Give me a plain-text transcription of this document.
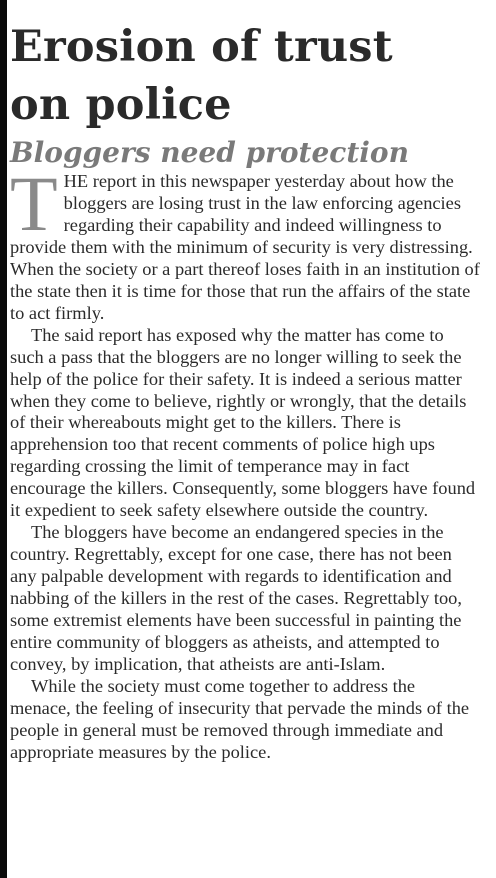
Erosion of trust
on police
Bloggers need protection

THE report in this newspaper yesterday about how the bloggers are losing trust in the law enforcing agencies regarding their capability and indeed willingness to provide them with the minimum of security is very distressing. When the society or a part thereof loses faith in an institution of the state then it is time for those that run the affairs of the state to act firmly.

The said report has exposed why the matter has come to such a pass that the bloggers are no longer willing to seek the help of the police for their safety. It is indeed a serious matter when they come to believe, rightly or wrongly, that the details of their whereabouts might get to the killers. There is apprehension too that recent comments of police high ups regarding crossing the limit of temperance may in fact encourage the killers. Consequently, some bloggers have found it expedient to seek safety elsewhere outside the country.

The bloggers have become an endangered species in the country. Regrettably, except for one case, there has not been any palpable development with regards to identification and nabbing of the killers in the rest of the cases. Regrettably too, some extremist elements have been successful in painting the entire community of bloggers as atheists, and attempted to convey, by implication, that atheists are anti-Islam.

While the society must come together to address the menace, the feeling of insecurity that pervade the minds of the people in general must be removed through immediate and appropriate measures by the police.
